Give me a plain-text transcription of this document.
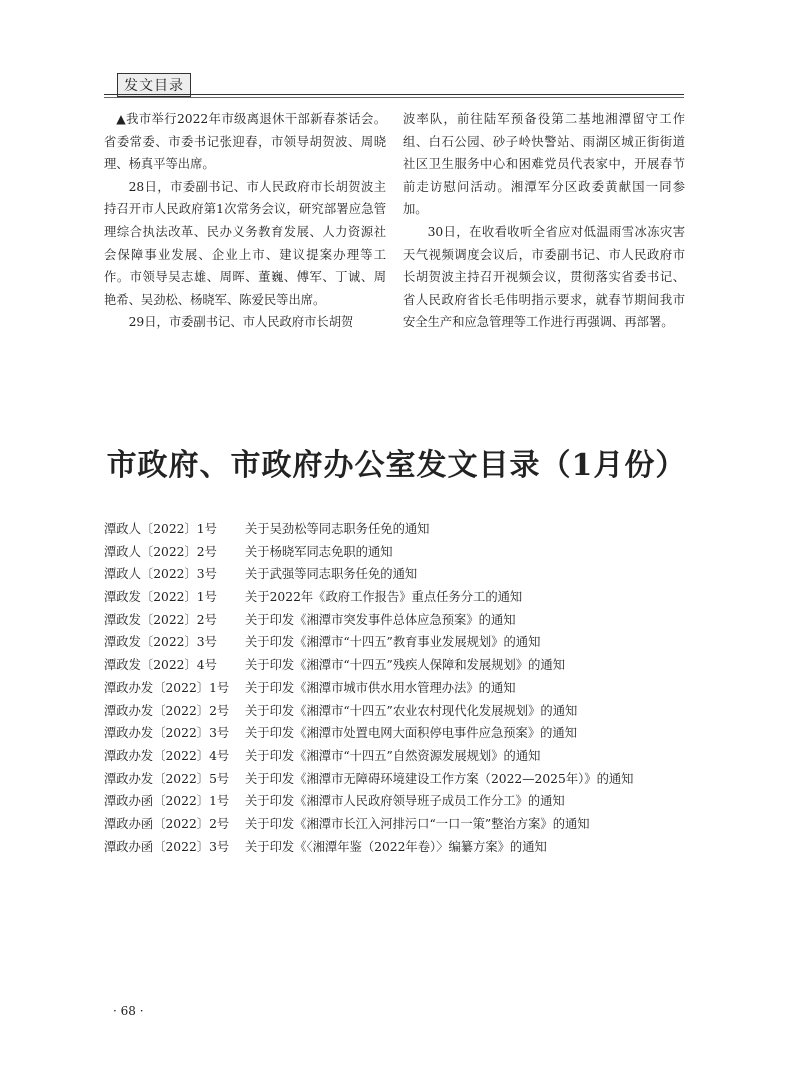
发文目录

▲我市举行2022年市级离退休干部新春茶话会。省委常委、市委书记张迎春，市领导胡贺波、周晓理、杨真平等出席。

28日，市委副书记、市人民政府市长胡贺波主持召开市人民政府第1次常务会议，研究部署应急管理综合执法改革、民办义务教育发展、人力资源社会保障事业发展、企业上市、建议提案办理等工作。市领导吴志雄、周晖、董巍、傅军、丁诚、周艳希、吴劲松、杨晓军、陈爱民等出席。

29日，市委副书记、市人民政府市长胡贺

波率队，前往陆军预备役第二基地湘潭留守工作组、白石公园、砂子岭快警站、雨湖区城正街街道社区卫生服务中心和困难党员代表家中，开展春节前走访慰问活动。湘潭军分区政委黄献国一同参加。

30日，在收看收听全省应对低温雨雪冰冻灾害天气视频调度会议后，市委副书记、市人民政府市长胡贺波主持召开视频会议，贯彻落实省委书记、省人民政府省长毛伟明指示要求，就春节期间我市安全生产和应急管理等工作进行再强调、再部署。

市政府、市政府办公室发文目录（1月份）
潭政人〔2022〕1号 关于吴劲松等同志职务任免的通知
潭政人〔2022〕2号 关于杨晓军同志免职的通知
潭政人〔2022〕3号 关于武强等同志职务任免的通知
潭政发〔2022〕1号 关于2022年《政府工作报告》重点任务分工的通知
潭政发〔2022〕2号 关于印发《湘潭市突发事件总体应急预案》的通知
潭政发〔2022〕3号 关于印发《湘潭市“十四五”教育事业发展规划》的通知
潭政发〔2022〕4号 关于印发《湘潭市“十四五”残疾人保障和发展规划》的通知
潭政办发〔2022〕1号 关于印发《湘潭市城市供水用水管理办法》的通知
潭政办发〔2022〕2号 关于印发《湘潭市“十四五”农业农村现代化发展规划》的通知
潭政办发〔2022〕3号 关于印发《湘潭市处置电网大面积停电事件应急预案》的通知
潭政办发〔2022〕4号 关于印发《湘潭市“十四五”自然资源发展规划》的通知
潭政办发〔2022〕5号 关于印发《湘潭市无障碍环境建设工作方案（2022—2025年）》的通知
潭政办函〔2022〕1号 关于印发《湘潭市人民政府领导班子成员工作分工》的通知
潭政办函〔2022〕2号 关于印发《湘潭市长江入河排污口“一口一策”整治方案》的通知
潭政办函〔2022〕3号 关于印发《〈湘潭年鉴（2022年卷）〉编纂方案》的通知
· 68 ·
